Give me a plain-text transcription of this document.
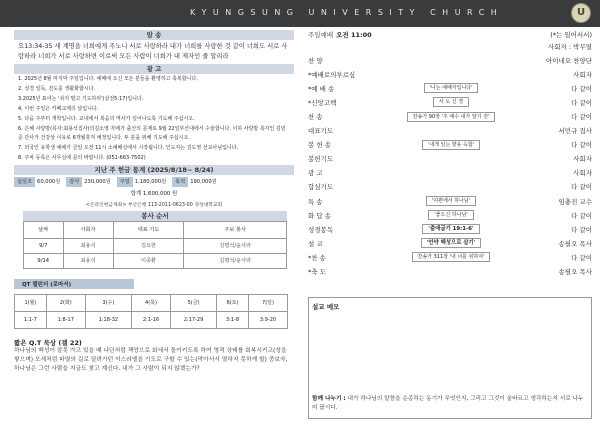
KYUNGSUNG UNIVERSITY CHURCH	U
암 송
요13:34-35 새 계명을 너희에게 주노니 서로 사랑하라 내가 너희를 사랑한 것 같이 너희도 서로 사랑하라 너희가 서로 사랑하면 이로써 모든 사람이 너희가 내 제자인 줄 알리라
광 고
1. 2025년 8월 마지막 주일입니다. 예배에 오신 모든 분들을 환영하고 축복합니다.
2. 성경 일독, 전도를 생활화합시다.
3.2025년 표어는 '쉬지 말고 기도하라'(살전5:17)입니다.
4. 이번 주일은 카페교제의 날입니다.
5. 다음 주부터 개학입니다. 교내에서 복음의 역사가 일어나도록 기도해 주십시오.
6. 은혜 사랑방(목자:최용석집사)의김소영 자매가 출산의 문제로 9월 22일부산대에서 수술합니다. 이하 사랑방 목자인 김민준 간사가 건강상 이유로 6개월휴직 예정입니다. 두 분을 위해 기도해 주십시오.
7. 외국인 유학생 예배가 금일 오전 11시 소예배실에서 시작됩니다. 인도자는 김도영 선교사님입니다.
8. 주차 등록은 사무실에 문의 바랍니다. (051-663-7502)
지난 주 헌금 통계 (2025/8/18~ 8/24)
십일조 60,000원	감사 230,000원	주일 1,180,000원	목적 190,000원
합계 1,600,000 원
<온라인헌금계좌> 부산은행 113-2011-0623-00 경성대학교회
봉사 순서
날짜	사회자	대표 기도	주보 봉사
9/7	최용석	김요한	김명석/윤사라
9/14	최용석	이종환	김명석/윤사라
QT 캘린더 (로마서)
1(월)	2(화)	3(수)	4(목)	5(금)	6(토)	7(일)
1:1-7	1:8-17	1:18-32	2:1-16	2:17-29	3:1-8	3:9-20
짧은 Q.T 묵상 (겔 22)
하나님의 백성이 잘못 가고 있을 때 나단처럼 책망으로 회에서 돌이키도록 하여 영적 상태를 회복시키고(성을 쌓으며) 모세처럼 파멸의 길로 달려가던 이스라엘을 기도로 구할 수 있는(막아서서 멸하지 못하게 할) 중보자, 하나님은 그런 사람을 지금도 찾고 계신다. 내가 그 사람이 되지 않겠는가?
주일예배 오전 11:00	(*는 일어서서)
사회자 : 박무열
찬 양	아이네오 찬양단
*예배로의부르심	사회자
*예 배 송	'나는 예배자입니다'	다 같이
*신앙고백	사 도 신 경	다 같이
찬 송	찬송가 90장 '주 예수 내가 알기 전'	다 같이
대표기도	서민규 집사
봉 헌 송	'내게 있는 향유 옥합'	다 같이
봉헌기도	사회자
광 고	사회자
합심기도	다 같이
특 송	'여편에서 하나님'	임충진 교수
화 답 송	'좋으신 하나님'	다 같이
성경봉독	'출애굽기 19:1-6'	다 같이
설 교	'언약 백성으로 살기'	송필오 목사
*찬 송	찬송가 311장 '내 너를 위하여'	다 같이
*축 도	송필오 목사
설교 메모
함께 나누기 : 내가 하나님의 말씀을 순종하는 동기가 무엇인지, 그리고 그것이 올바르고 생각하는지 서로 나누어 봅시다.
